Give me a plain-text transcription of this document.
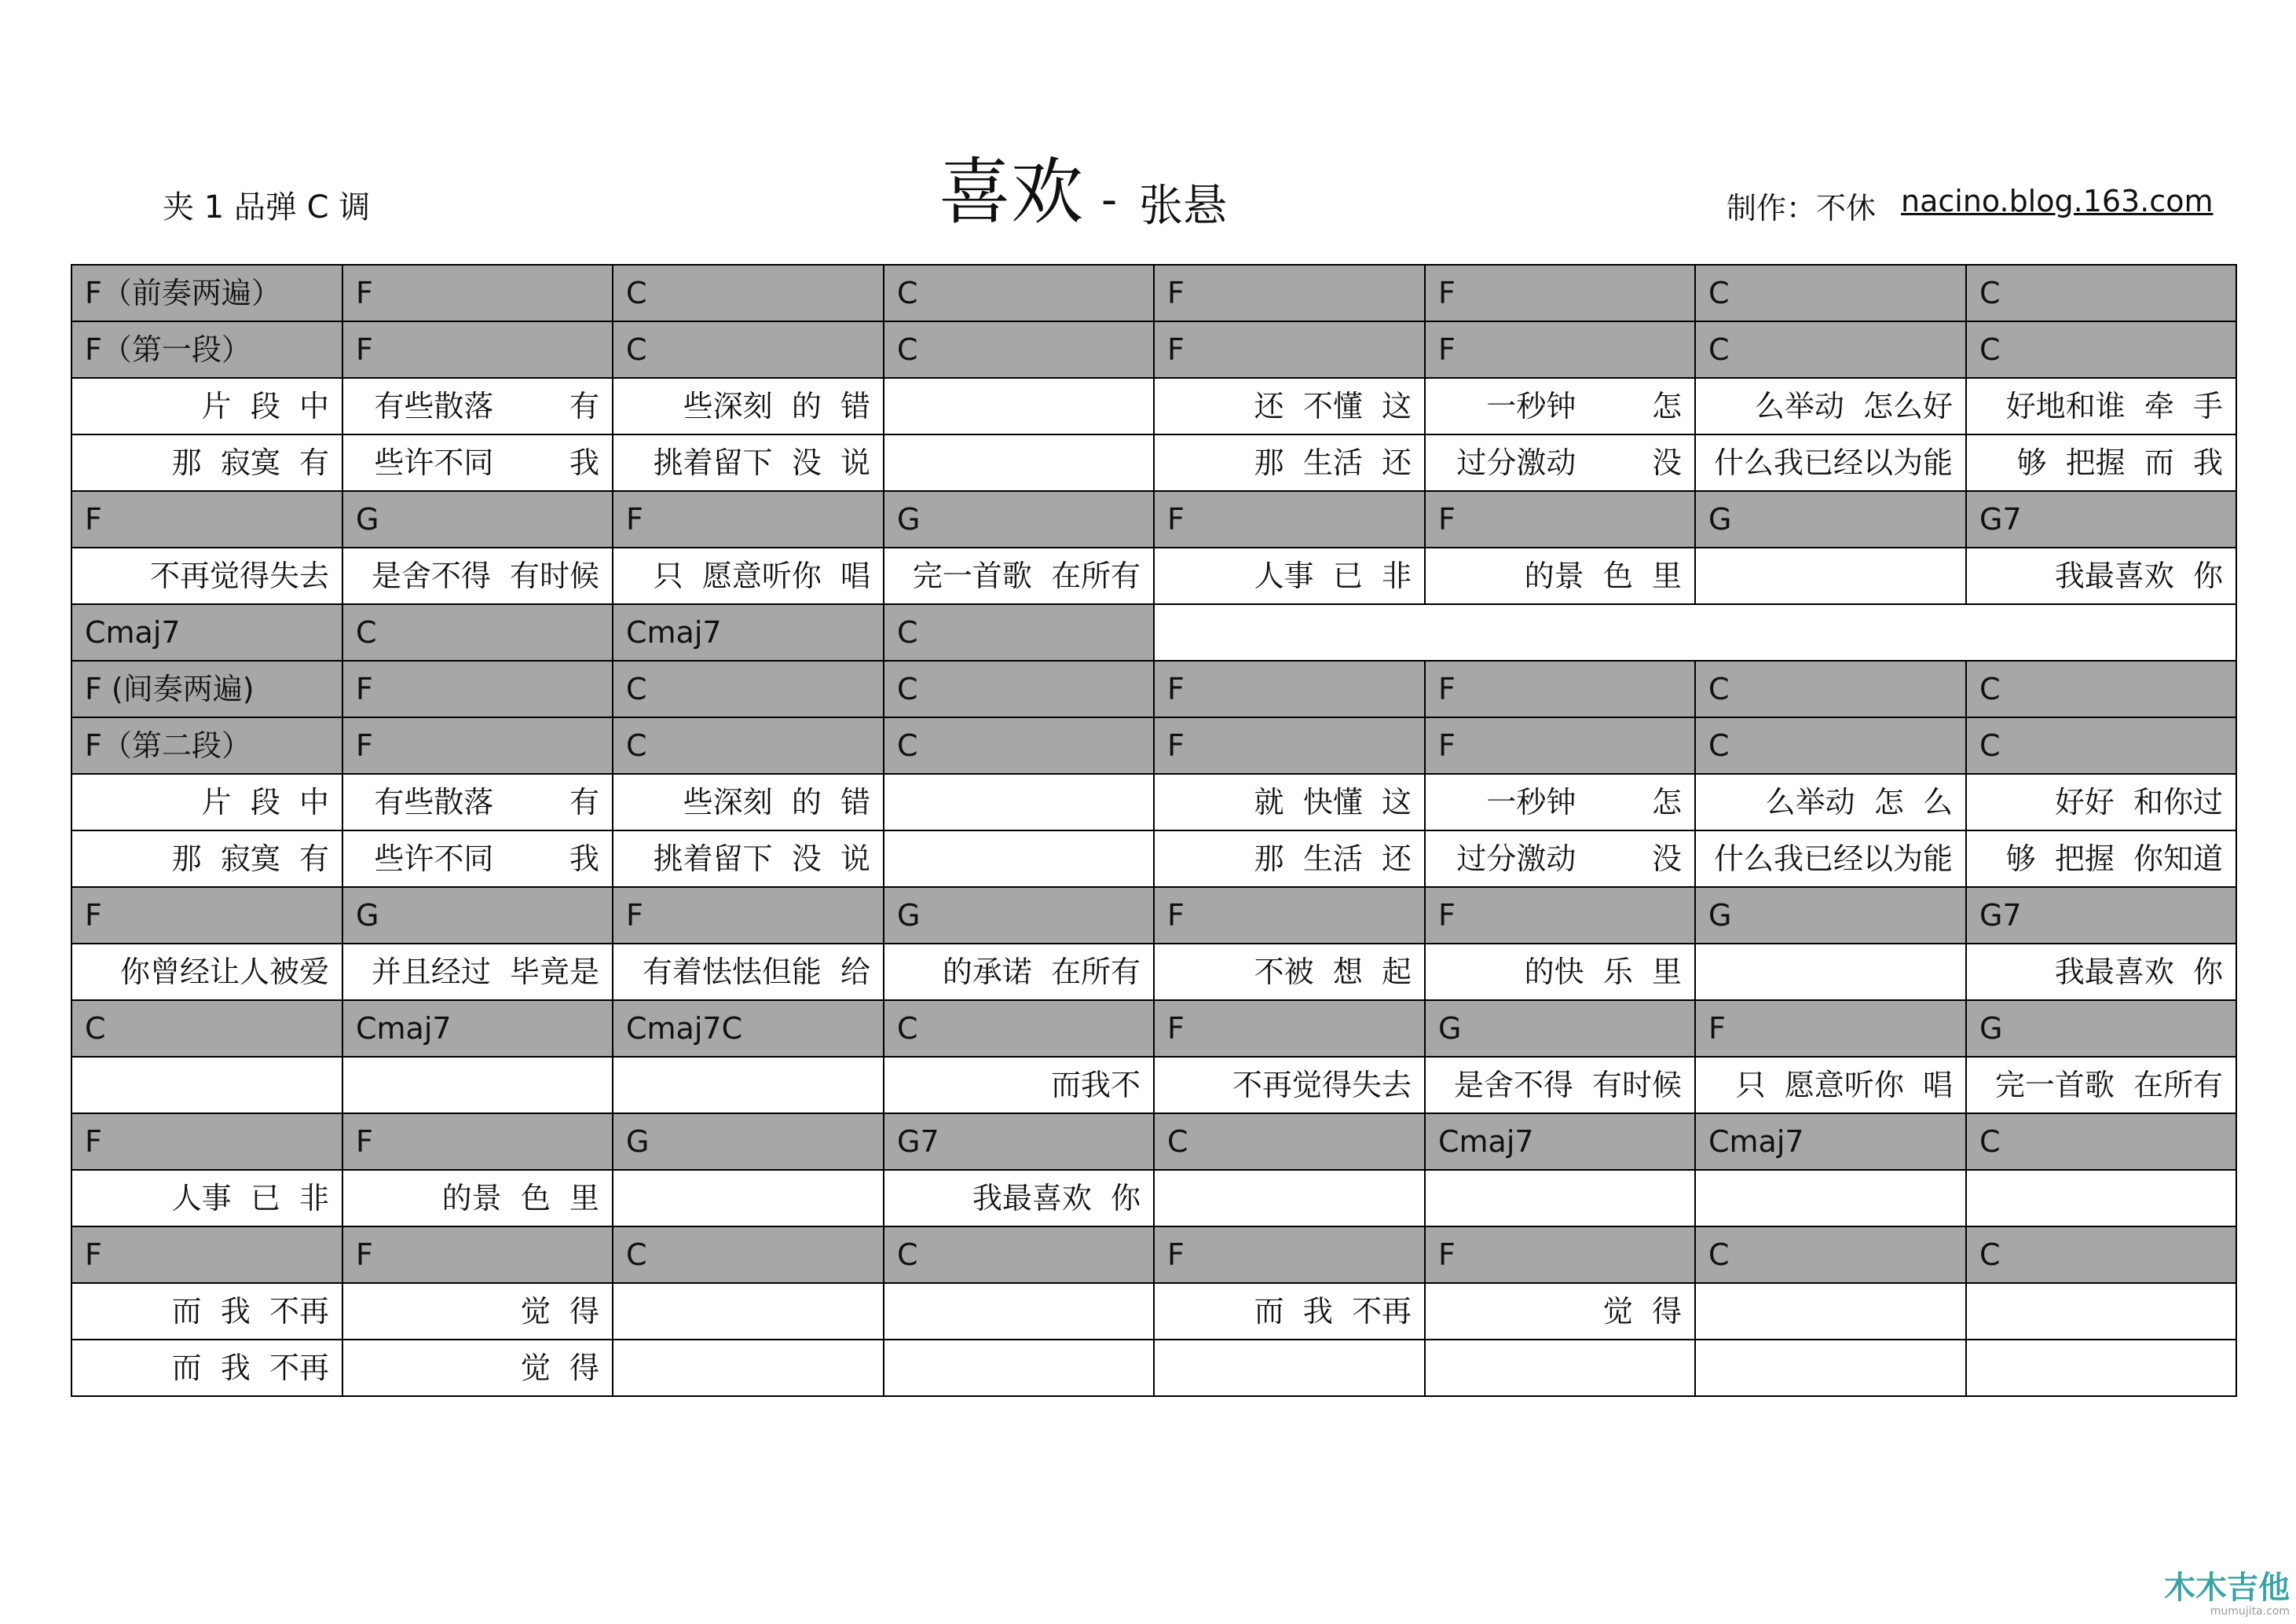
夹 1 品弹 C 调	喜欢 - 张悬	制作：不休 nacino.blog.163.com
F（前奏两遍）	F	C	C	F	F	C	C
F（第一段）	F	C	C	F	F	C	C
片  段  中	有些散落        有	些深刻  的  错		还  不懂  这	一秒钟        怎	么举动  怎么好	好地和谁  牵  手
那  寂寞  有	些许不同        我	挑着留下  没  说		那  生活  还	过分激动        没	什么我已经以为能	够  把握  而  我
F	G	F	G	F	F	G	G7
不再觉得失去	是舍不得  有时候	只  愿意听你  唱	完一首歌  在所有	人事  已  非	的景  色  里		我最喜欢  你
Cmaj7	C	Cmaj7	C				
F (间奏两遍)	F	C	C	F	F	C	C
F（第二段）	F	C	C	F	F	C	C
片  段  中	有些散落        有	些深刻  的  错		就  快懂  这	一秒钟        怎	么举动  怎  么	好好  和你过
那  寂寞  有	些许不同        我	挑着留下  没  说		那  生活  还	过分激动        没	什么我已经以为能	够  把握  你知道
F	G	F	G	F	F	G	G7
你曾经让人被爱	并且经过  毕竟是	有着怯怯但能  给	的承诺  在所有	不被  想  起	的快  乐  里		我最喜欢  你
C	Cmaj7	Cmaj7C	C	F	G	F	G
			而我不	不再觉得失去	是舍不得  有时候	只  愿意听你  唱	完一首歌  在所有
F	F	G	G7	C	Cmaj7	Cmaj7	C
人事  已  非	的景  色  里		我最喜欢  你				
F	F	C	C	F	F	C	C
而  我  不再	觉  得			而  我  不再	觉  得		
而  我  不再	觉  得						
木木吉他
mumujita.com
